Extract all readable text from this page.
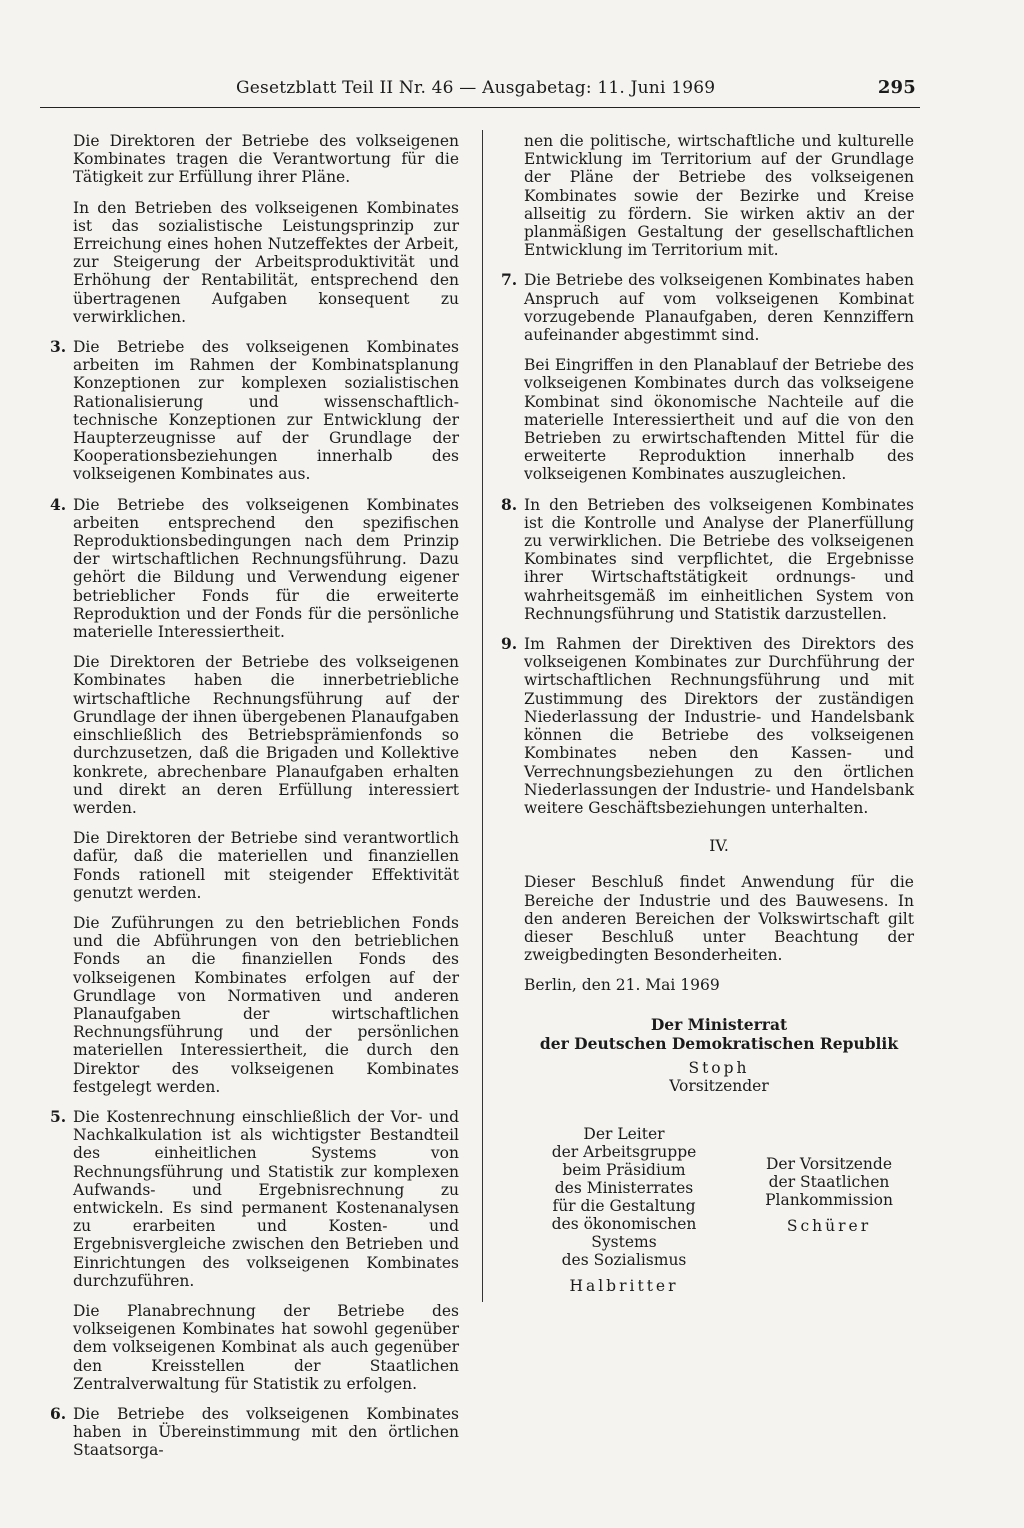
Gesetzblatt Teil II Nr. 46 — Ausgabetag: 11. Juni 1969	295

Die Direktoren der Betriebe des volkseigenen Kombinates tragen die Verantwortung für die Tätigkeit zur Erfüllung ihrer Pläne.

In den Betrieben des volkseigenen Kombinates ist das sozialistische Leistungsprinzip zur Erreichung eines hohen Nutzeffektes der Arbeit, zur Steigerung der Arbeitsproduktivität und Erhöhung der Rentabilität, entsprechend den übertragenen Aufgaben konsequent zu verwirklichen.

3. Die Betriebe des volkseigenen Kombinates arbeiten im Rahmen der Kombinatsplanung Konzeptionen zur komplexen sozialistischen Rationalisierung und wissenschaftlich-technische Konzeptionen zur Entwicklung der Haupterzeugnisse auf der Grundlage der Kooperationsbeziehungen innerhalb des volkseigenen Kombinates aus.

4. Die Betriebe des volkseigenen Kombinates arbeiten entsprechend den spezifischen Reproduktionsbedingungen nach dem Prinzip der wirtschaftlichen Rechnungsführung. Dazu gehört die Bildung und Verwendung eigener betrieblicher Fonds für die erweiterte Reproduktion und der Fonds für die persönliche materielle Interessiertheit.

Die Direktoren der Betriebe des volkseigenen Kombinates haben die innerbetriebliche wirtschaftliche Rechnungsführung auf der Grundlage der ihnen übergebenen Planaufgaben einschließlich des Betriebsprämienfonds so durchzusetzen, daß die Brigaden und Kollektive konkrete, abrechenbare Planaufgaben erhalten und direkt an deren Erfüllung interessiert werden.

Die Direktoren der Betriebe sind verantwortlich dafür, daß die materiellen und finanziellen Fonds rationell mit steigender Effektivität genutzt werden.

Die Zuführungen zu den betrieblichen Fonds und die Abführungen von den betrieblichen Fonds an die finanziellen Fonds des volkseigenen Kombinates erfolgen auf der Grundlage von Normativen und anderen Planaufgaben der wirtschaftlichen Rechnungsführung und der persönlichen materiellen Interessiertheit, die durch den Direktor des volkseigenen Kombinates festgelegt werden.

5. Die Kostenrechnung einschließlich der Vor- und Nachkalkulation ist als wichtigster Bestandteil des einheitlichen Systems von Rechnungsführung und Statistik zur komplexen Aufwands- und Ergebnisrechnung zu entwickeln. Es sind permanent Kostenanalysen zu erarbeiten und Kosten- und Ergebnisvergleiche zwischen den Betrieben und Einrichtungen des volkseigenen Kombinates durchzuführen.

Die Planabrechnung der Betriebe des volkseigenen Kombinates hat sowohl gegenüber dem volkseigenen Kombinat als auch gegenüber den Kreisstellen der Staatlichen Zentralverwaltung für Statistik zu erfolgen.

6. Die Betriebe des volkseigenen Kombinates haben in Übereinstimmung mit den örtlichen Staatsorga-

nen die politische, wirtschaftliche und kulturelle Entwicklung im Territorium auf der Grundlage der Pläne der Betriebe des volkseigenen Kombinates sowie der Bezirke und Kreise allseitig zu fördern. Sie wirken aktiv an der planmäßigen Gestaltung der gesellschaftlichen Entwicklung im Territorium mit.

7. Die Betriebe des volkseigenen Kombinates haben Anspruch auf vom volkseigenen Kombinat vorzugebende Planaufgaben, deren Kennziffern aufeinander abgestimmt sind.

Bei Eingriffen in den Planablauf der Betriebe des volkseigenen Kombinates durch das volkseigene Kombinat sind ökonomische Nachteile auf die materielle Interessiertheit und auf die von den Betrieben zu erwirtschaftenden Mittel für die erweiterte Reproduktion innerhalb des volkseigenen Kombinates auszugleichen.

8. In den Betrieben des volkseigenen Kombinates ist die Kontrolle und Analyse der Planerfüllung zu verwirklichen. Die Betriebe des volkseigenen Kombinates sind verpflichtet, die Ergebnisse ihrer Wirtschaftstätigkeit ordnungs- und wahrheitsgemäß im einheitlichen System von Rechnungsführung und Statistik darzustellen.

9. Im Rahmen der Direktiven des Direktors des volkseigenen Kombinates zur Durchführung der wirtschaftlichen Rechnungsführung und mit Zustimmung des Direktors der zuständigen Niederlassung der Industrie- und Handelsbank können die Betriebe des volkseigenen Kombinates neben den Kassen- und Verrechnungsbeziehungen zu den örtlichen Niederlassungen der Industrie- und Handelsbank weitere Geschäftsbeziehungen unterhalten.

IV.

Dieser Beschluß findet Anwendung für die Bereiche der Industrie und des Bauwesens. In den anderen Bereichen der Volkswirtschaft gilt dieser Beschluß unter Beachtung der zweigbedingten Besonderheiten.

Berlin, den 21. Mai 1969
Der Ministerrat
der Deutschen Demokratischen Republik
Stoph
Vorsitzender
Der Leiter
der Arbeitsgruppe
beim Präsidium
des Ministerrates
für die Gestaltung
des ökonomischen Systems
des Sozialismus
Halbritter
Der Vorsitzende
der Staatlichen
Plankommission
Schürer
